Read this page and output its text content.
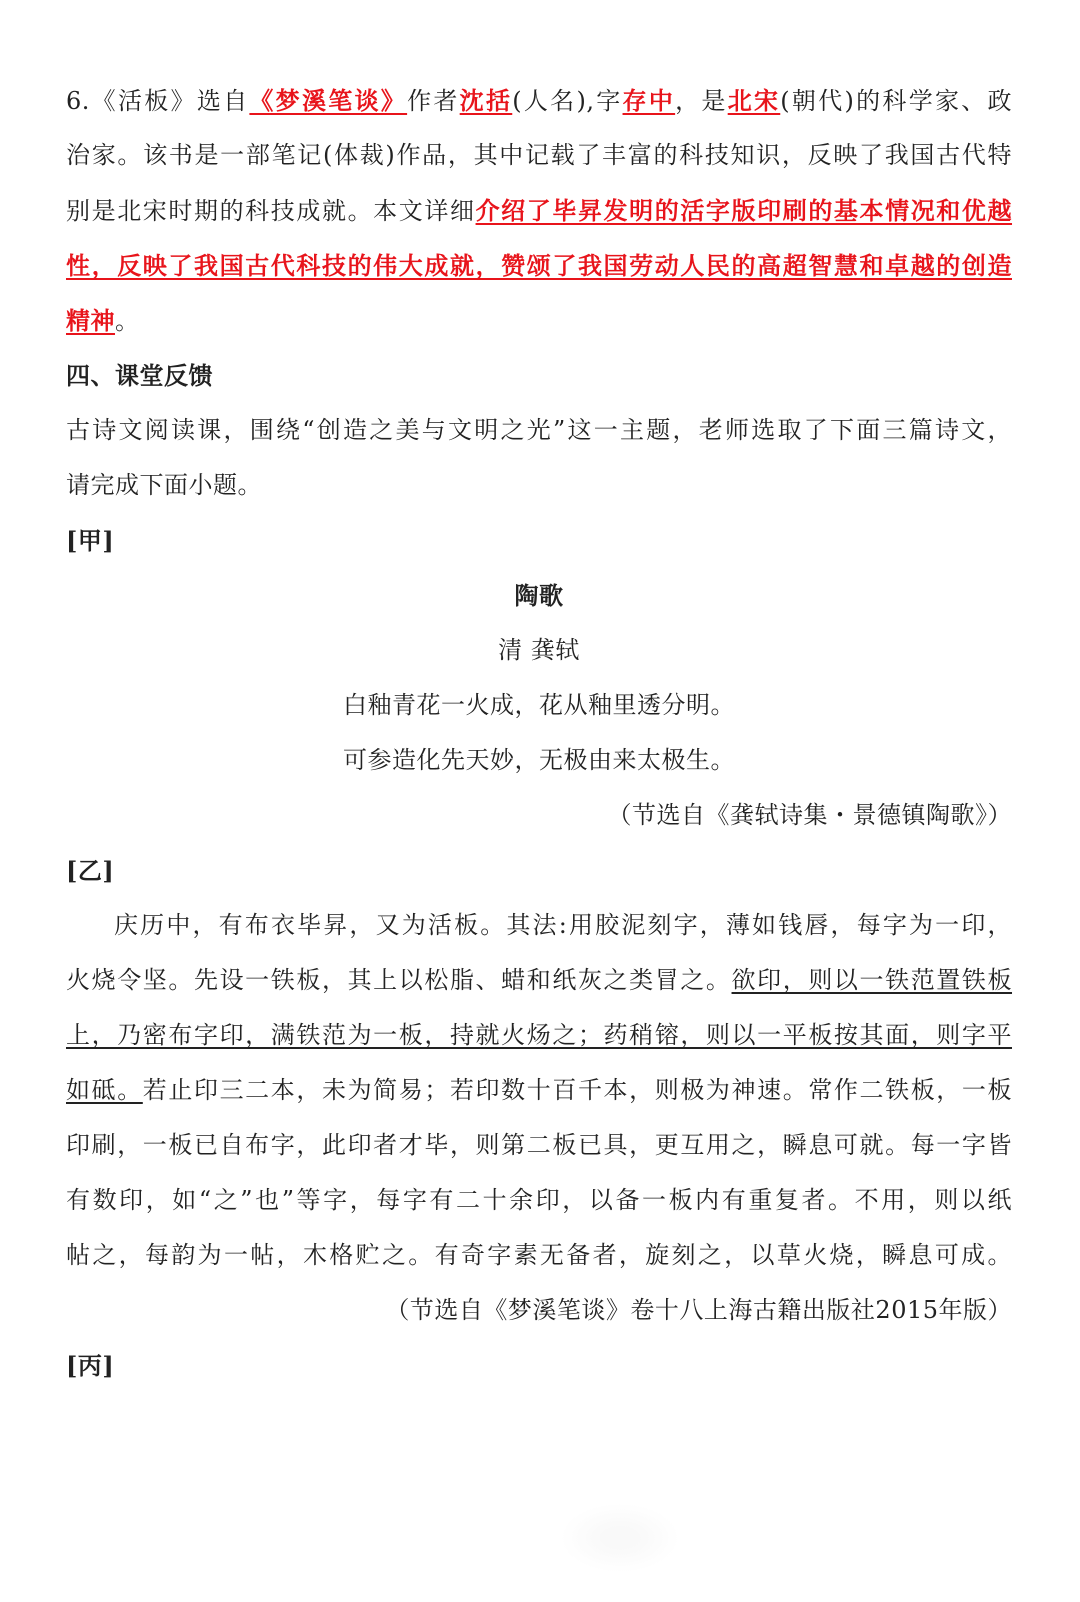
6.《活板》选自《梦溪笔谈》作者沈括(人名),字存中，是北宋(朝代)的科学家、政
治家。该书是一部笔记(体裁)作品，其中记载了丰富的科技知识，反映了我国古代特
别是北宋时期的科技成就。本文详细介绍了毕昇发明的活字版印刷的基本情况和优越
性，反映了我国古代科技的伟大成就，赞颂了我国劳动人民的高超智慧和卓越的创造
精神。
四、课堂反馈
古诗文阅读课，围绕“创造之美与文明之光”这一主题，老师选取了下面三篇诗文，
请完成下面小题。
[甲]
陶歌
清 龚轼
白釉青花一火成，花从釉里透分明。
可参造化先天妙，无极由来太极生。
（节选自《龚轼诗集・景德镇陶歌》）
[乙]
庆历中，有布衣毕昇，又为活板。其法:用胶泥刻字，薄如钱唇，每字为一印，
火烧令坚。先设一铁板，其上以松脂、蜡和纸灰之类冒之。欲印，则以一铁范置铁板
上，乃密布字印，满铁范为一板，持就火炀之；药稍镕，则以一平板按其面，则字平
如砥。若止印三二本，未为简易；若印数十百千本，则极为神速。常作二铁板，一板
印刷，一板已自布字，此印者才毕，则第二板已具，更互用之，瞬息可就。每一字皆
有数印，如“之”也”等字，每字有二十余印，以备一板内有重复者。不用，则以纸
帖之，每韵为一帖，木格贮之。有奇字素无备者，旋刻之，以草火烧，瞬息可成。
（节选自《梦溪笔谈》卷十八上海古籍出版社2015年版）
[丙]
